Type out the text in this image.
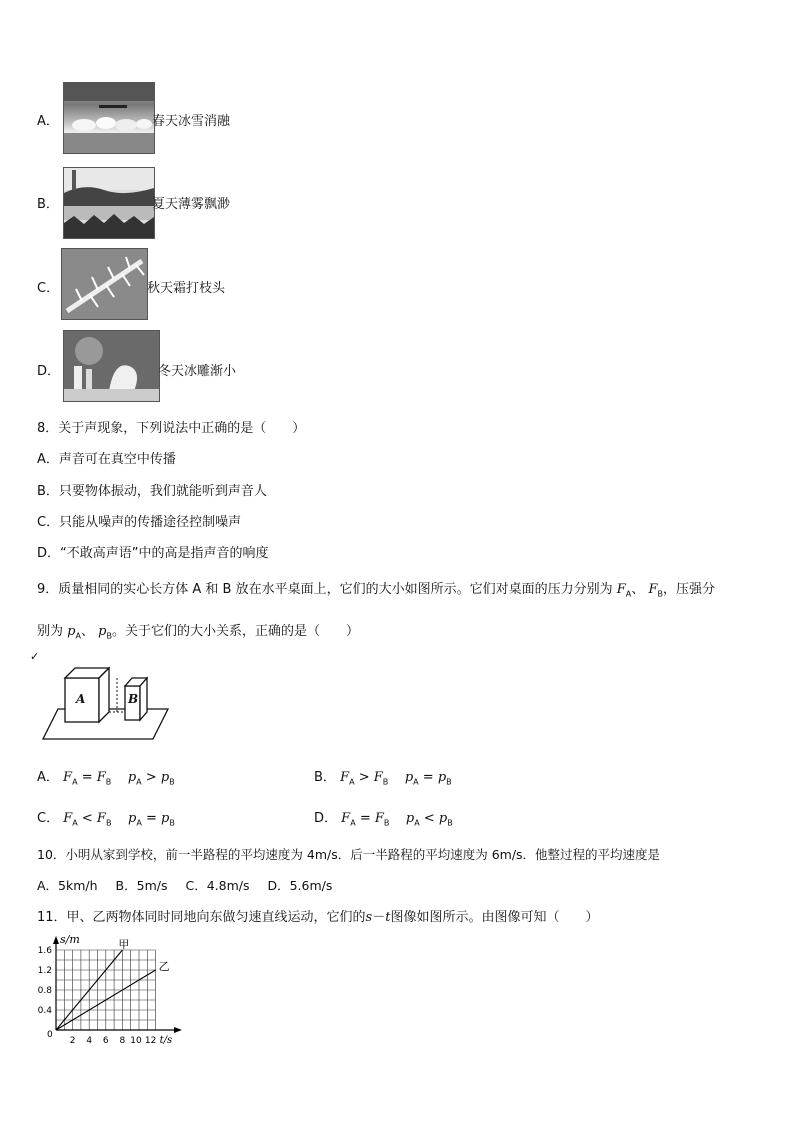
A．	春天冰雪消融
B．	夏天薄雾飘渺
C．	秋天霜打枝头
D．	冬天冰雕渐小
8．关于声现象，下列说法中正确的是（　　）
A．声音可在真空中传播
B．只要物体振动，我们就能听到声音人
C．只能从噪声的传播途径控制噪声
D．“不敢高声语”中的高是指声音的响度
9．质量相同的实心长方体 A 和 B 放在水平桌面上，它们的大小如图所示。它们对桌面的压力分别为 $F_A$、 $F_B$，压强分
别为 $p_A$、 $p_B$。关于它们的大小关系，正确的是（　　）
✓
A	B
A． $F_A = F_B$ $p_A > p_B$	B． $F_A > F_B$ $p_A = p_B$
C． $F_A < F_B$ $p_A = p_B$	D． $F_A = F_B$ $p_A < p_B$
10．小明从家到学校，前一半路程的平均速度为 4m/s．后一半路程的平均速度为 6m/s．他整过程的平均速度是
A．5km/h B．5m/s C．4.8m/s D．5.6m/s
11．甲、乙两物体同时同地向东做匀速直线运动，它们的s－t图像如图所示。由图像可知（　　）
甲
乙
0.4
0.8
1.2
1.6
2 4 6 8 10 12
0
s/m
t/s
